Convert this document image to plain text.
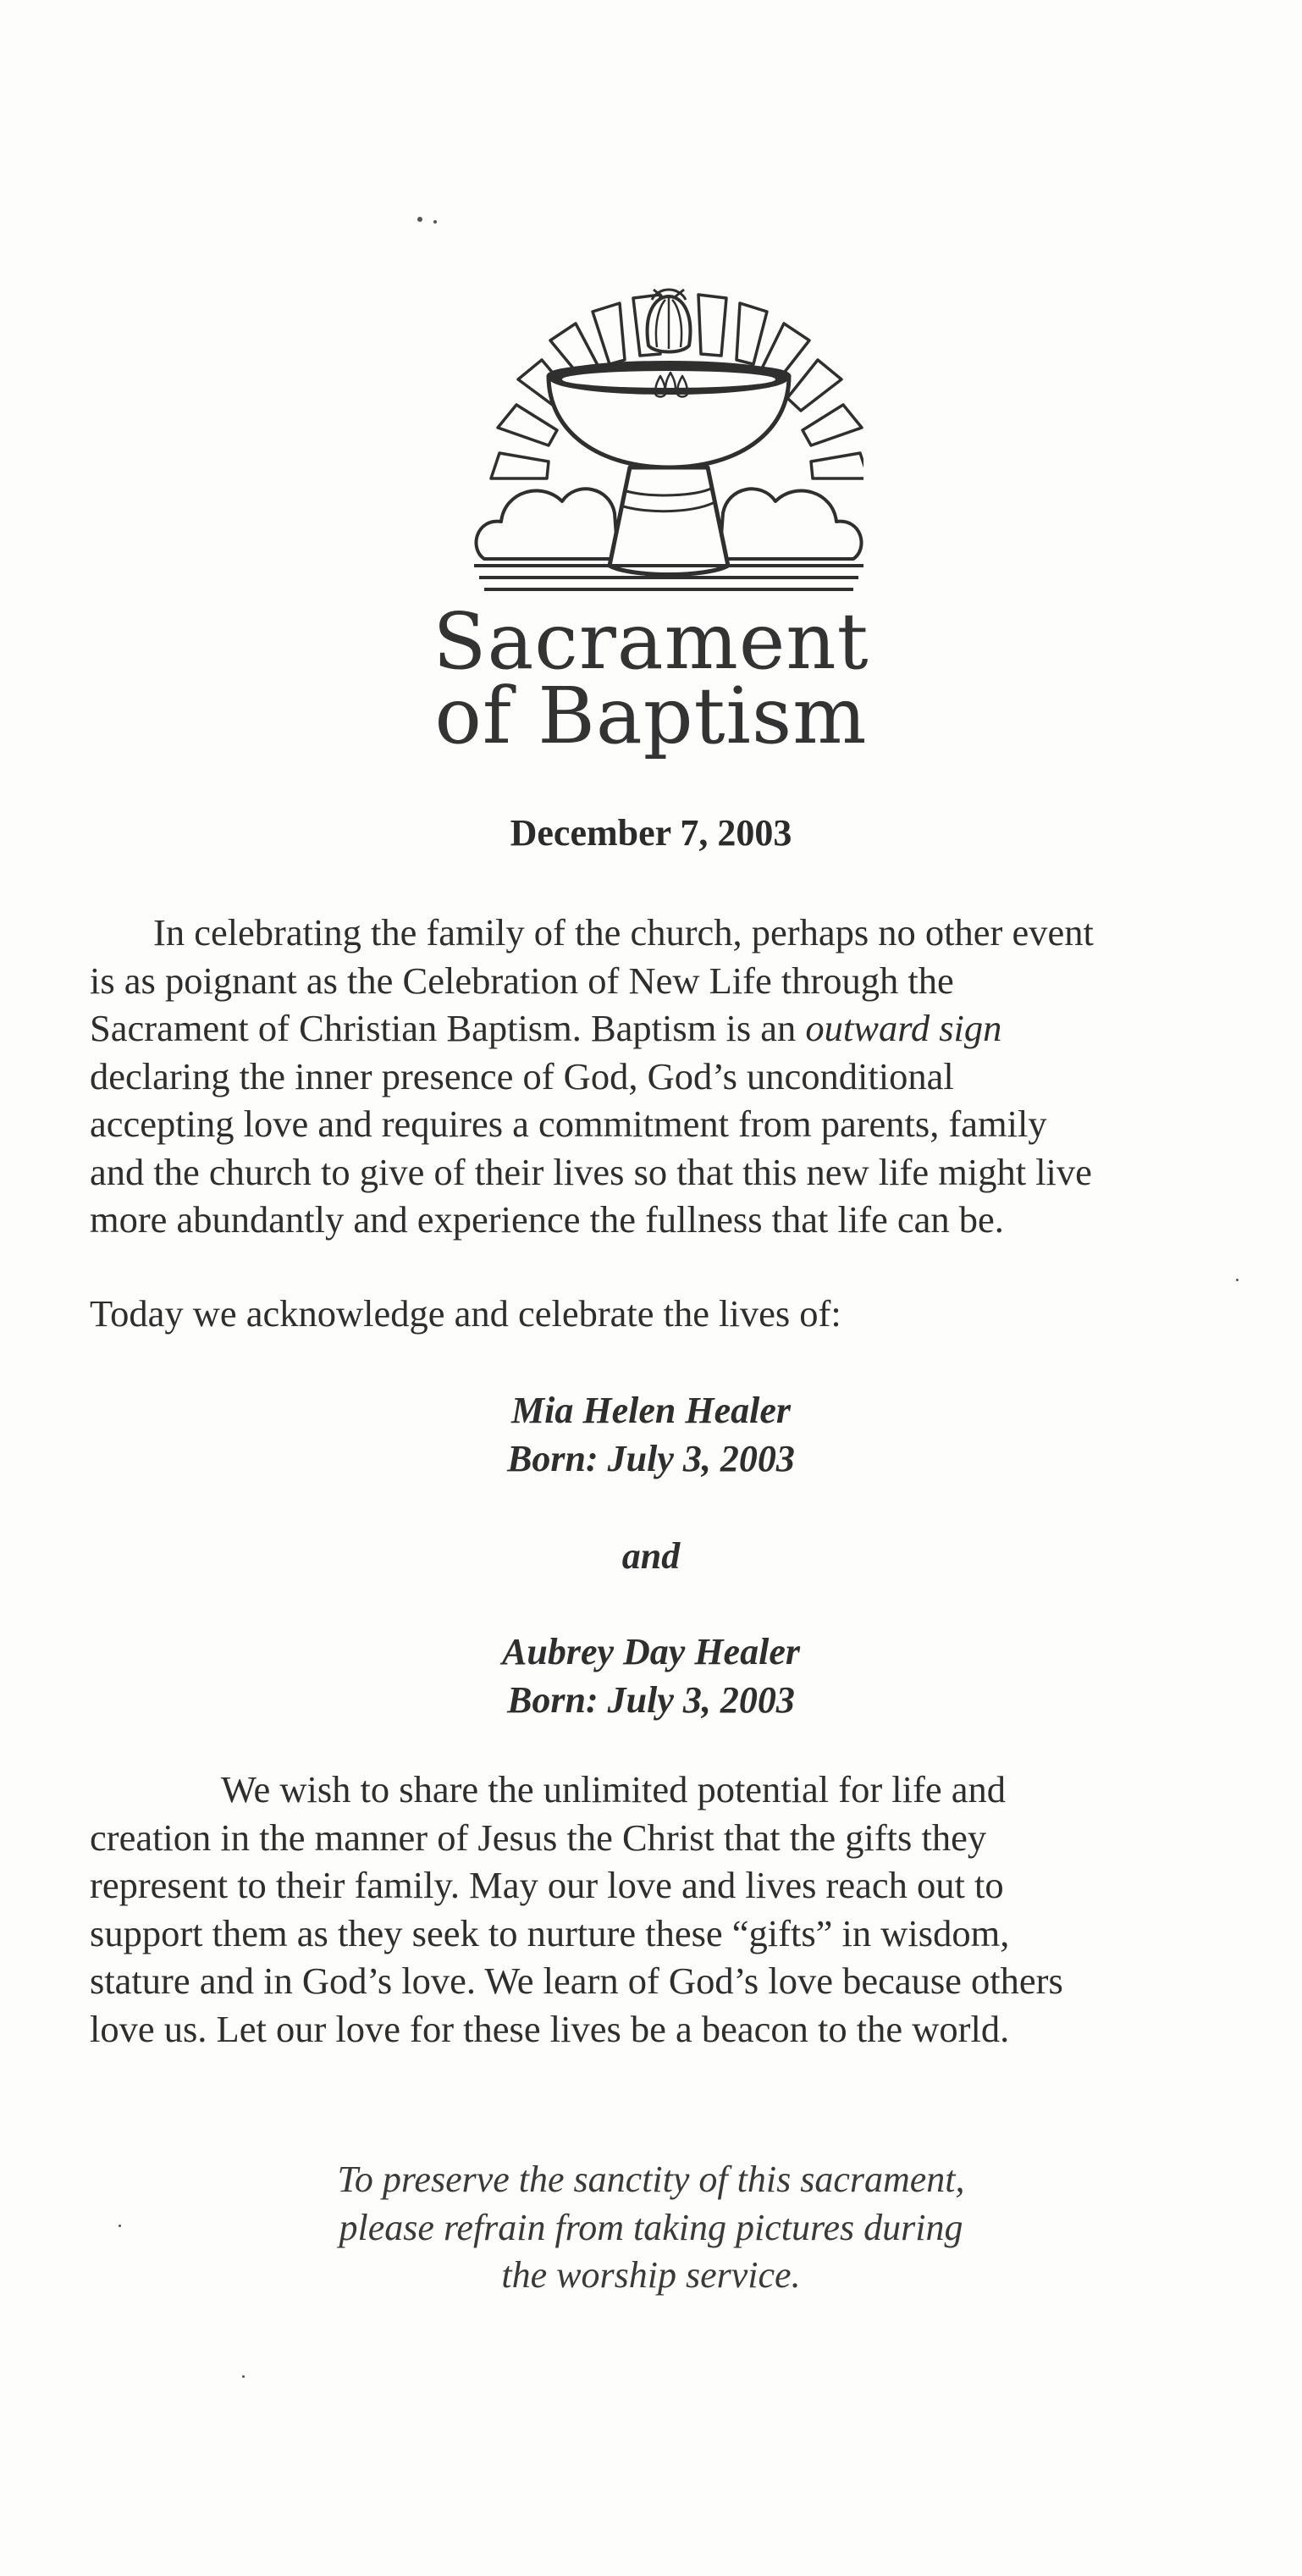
Sacrament
of Baptism
December 7, 2003

In celebrating the family of the church, perhaps no other event

is as poignant as the Celebration of New Life through the

Sacrament of Christian Baptism. Baptism is an outward sign

declaring the inner presence of God, God’s unconditional

accepting love and requires a commitment from parents, family

and the church to give of their lives so that this new life might live

more abundantly and experience the fullness that life can be.

Today we acknowledge and celebrate the lives of:

Mia Helen Healer
Born: July 3, 2003
and
Aubrey Day Healer
Born: July 3, 2003

We wish to share the unlimited potential for life and

creation in the manner of Jesus the Christ that the gifts they

represent to their family. May our love and lives reach out to

support them as they seek to nurture these “gifts” in wisdom,

stature and in God’s love. We learn of God’s love because others

love us. Let our love for these lives be a beacon to the world.

To preserve the sanctity of this sacrament,

please refrain from taking pictures during

the worship service.
